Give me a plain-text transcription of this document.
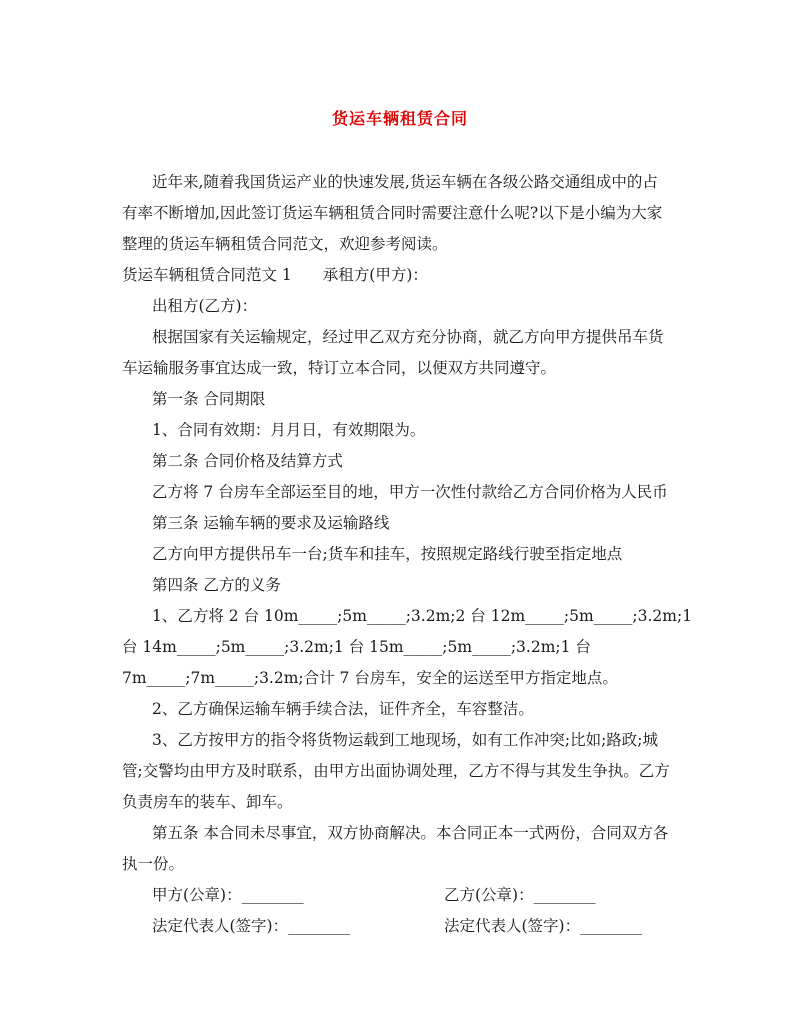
货运车辆租赁合同
近年来,随着我国货运产业的快速发展,货运车辆在各级公路交通组成中的占
有率不断增加,因此签订货运车辆租赁合同时需要注意什么呢?以下是小编为大家
整理的货运车辆租赁合同范文，欢迎参考阅读。
货运车辆租赁合同范文 1　　承租方(甲方)：
出租方(乙方)：
根据国家有关运输规定，经过甲乙双方充分协商，就乙方向甲方提供吊车货
车运输服务事宜达成一致，特订立本合同，以便双方共同遵守。
第一条 合同期限
1、合同有效期：月月日，有效期限为。
第二条 合同价格及结算方式
乙方将 7 台房车全部运至目的地，甲方一次性付款给乙方合同价格为人民币
第三条 运输车辆的要求及运输路线
乙方向甲方提供吊车一台;货车和挂车，按照规定路线行驶至指定地点
第四条 乙方的义务
1、乙方将 2 台 10m_____;5m_____;3.2m;2 台 12m_____;5m_____;3.2m;1
台 14m_____;5m_____;3.2m;1 台 15m_____;5m_____;3.2m;1 台
7m_____;7m_____;3.2m;合计 7 台房车，安全的运送至甲方指定地点。
2、乙方确保运输车辆手续合法，证件齐全，车容整洁。
3、乙方按甲方的指令将货物运载到工地现场，如有工作冲突;比如;路政;城
管;交警均由甲方及时联系，由甲方出面协调处理，乙方不得与其发生争执。乙方
负责房车的装车、卸车。
第五条 本合同未尽事宜，双方协商解决。本合同正本一式两份，合同双方各
执一份。
甲方(公章)：________	乙方(公章)：________
法定代表人(签字)：________	法定代表人(签字)：________
